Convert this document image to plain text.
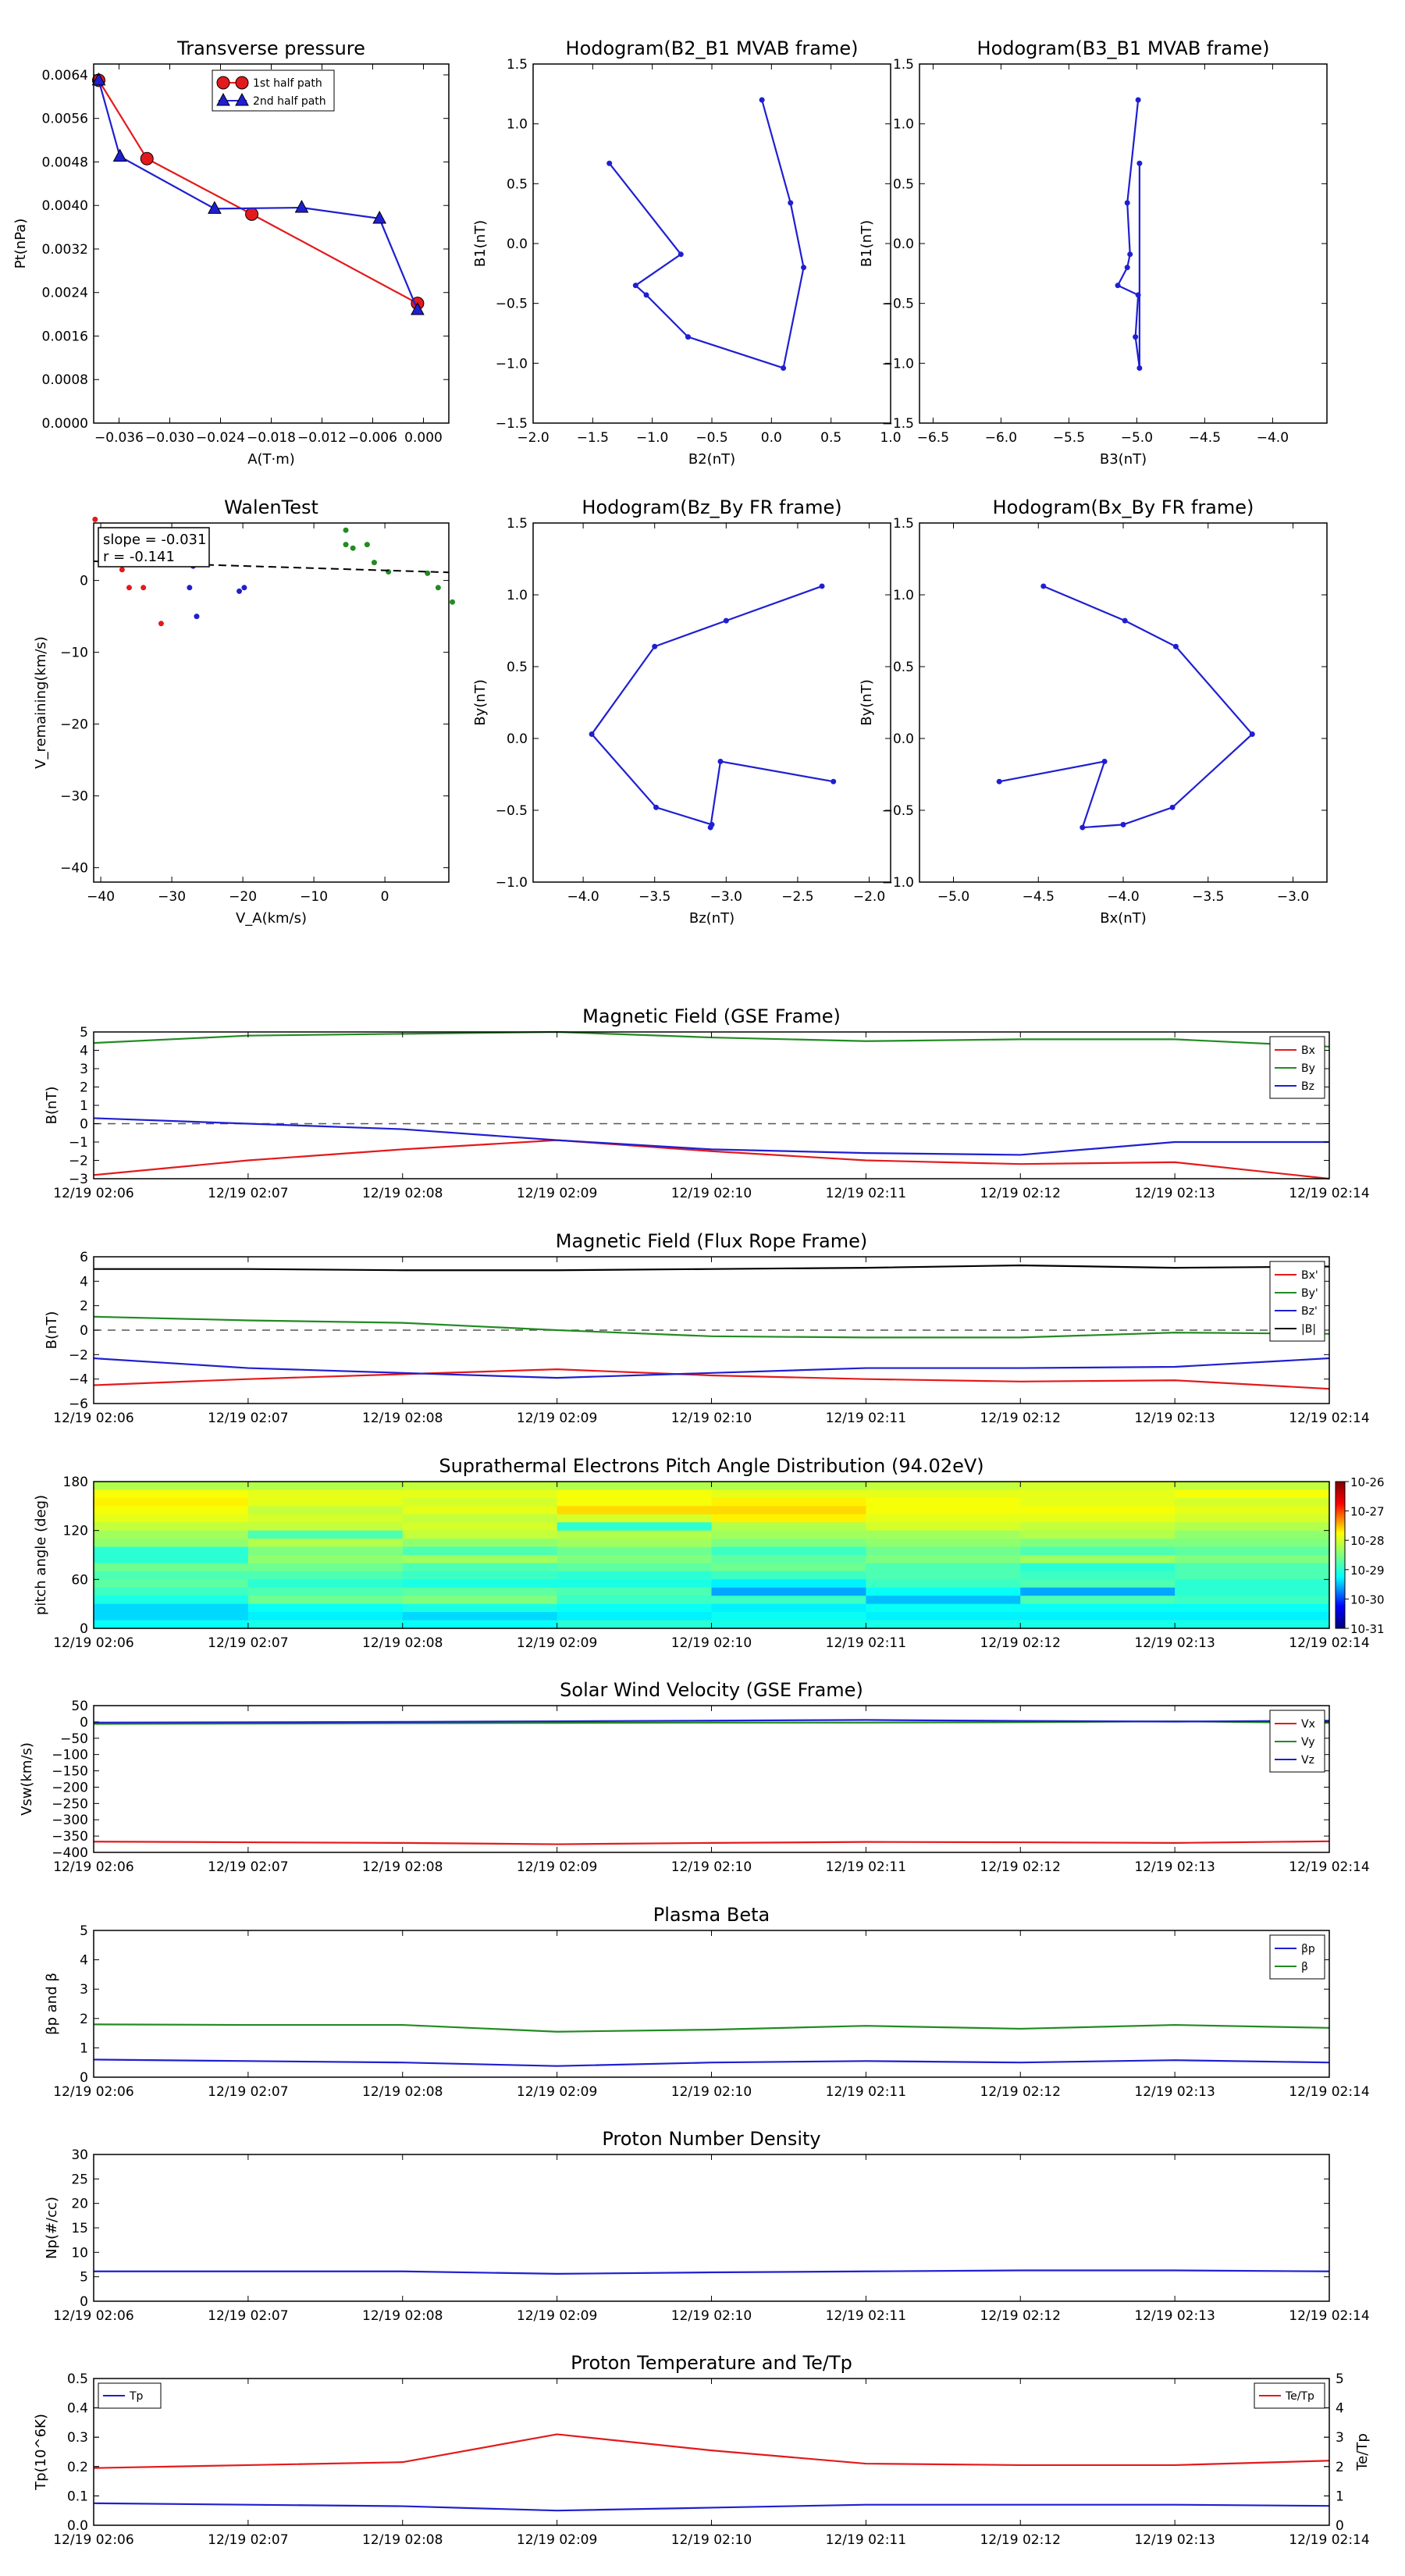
Transverse pressure
−0.036 −0.030 −0.024 −0.018 −0.012 −0.006 0.000
0.0000
0.0008
0.0016
0.0024
0.0032
0.0040
0.0048
0.0056
0.0064
A(T·m)
Pt(nPa)
1st half path
2nd half path
Hodogram(B2_B1 MVAB frame)
−2.0 −1.5 −1.0 −0.5 0.0	0.5	1.0
−1.5
−1.0
−0.5
0.0
0.5
1.0
1.5
B2(nT)
B1(nT)
Hodogram(B3_B1 MVAB frame)
−6.5	−6.0	−5.5	−5.0	−4.5	−4.0
−1.5
−1.0
−0.5
0.0
0.5
1.0
1.5
B3(nT)
B1(nT)
Hodogram(Bz_By FR frame)
−4.0	−3.5	−3.0	−2.5	−2.0
−1.0
−0.5
0.0
0.5
1.0
1.5
Bz(nT)
By(nT)
Hodogram(Bx_By FR frame)
−5.0	−4.5	−4.0	−3.5	−3.0
−1.0
−0.5
0.0
0.5
1.0
1.5
Bx(nT)
By(nT)
WalenTest
−40	−30	−20	−10	0
−40
−30
−20
−10
0
V_A(km/s)
V_remaining(km/s)
slope = -0.031
r = -0.141
Magnetic Field (GSE Frame)
12/19 02:06	12/19 02:07	12/19 02:08	12/19 02:09	12/19 02:10	12/19 02:11	12/19 02:12	12/19 02:13	12/19 02:14
−3
−2
−1
0
1
2
3
4
5
B(nT)
Bx
By
Bz
Magnetic Field (Flux Rope Frame)
12/19 02:06	12/19 02:07	12/19 02:08	12/19 02:09	12/19 02:10	12/19 02:11	12/19 02:12	12/19 02:13	12/19 02:14
−6
−4
−2
0
2
4
6
B(nT)
Bx'
By'
Bz'
|B|
Solar Wind Velocity (GSE Frame)
12/19 02:06	12/19 02:07	12/19 02:08	12/19 02:09	12/19 02:10	12/19 02:11	12/19 02:12	12/19 02:13	12/19 02:14
−400
−350
−300
−250
−200
−150
−100
−50
0
50
Vsw(km/s)
Vx
Vy
Vz
Plasma Beta
12/19 02:06	12/19 02:07	12/19 02:08	12/19 02:09	12/19 02:10	12/19 02:11	12/19 02:12	12/19 02:13	12/19 02:14
0
1
2
3
4
5
βp and β
βp
β
Proton Number Density
12/19 02:06	12/19 02:07	12/19 02:08	12/19 02:09	12/19 02:10	12/19 02:11	12/19 02:12	12/19 02:13	12/19 02:14
0
5
10
15
20
25
30
Np(#/cc)
Proton Temperature and Te/Tp
12/19 02:06	12/19 02:07	12/19 02:08	12/19 02:09	12/19 02:10	12/19 02:11	12/19 02:12	12/19 02:13	12/19 02:14
0.0
0.1
0.2
0.3
0.4
0.5
Tp(10^6K)
0
1
2
3
4
5
Te/Tp
Tp	Te/Tp
Suprathermal Electrons Pitch Angle Distribution (94.02eV)
12/19 02:06	12/19 02:07	12/19 02:08	12/19 02:09	12/19 02:10	12/19 02:11	12/19 02:12	12/19 02:13	12/19 02:14
0
60
120
180
pitch angle (deg)
10-26
10-27
10-28
10-29
10-30
10-31
